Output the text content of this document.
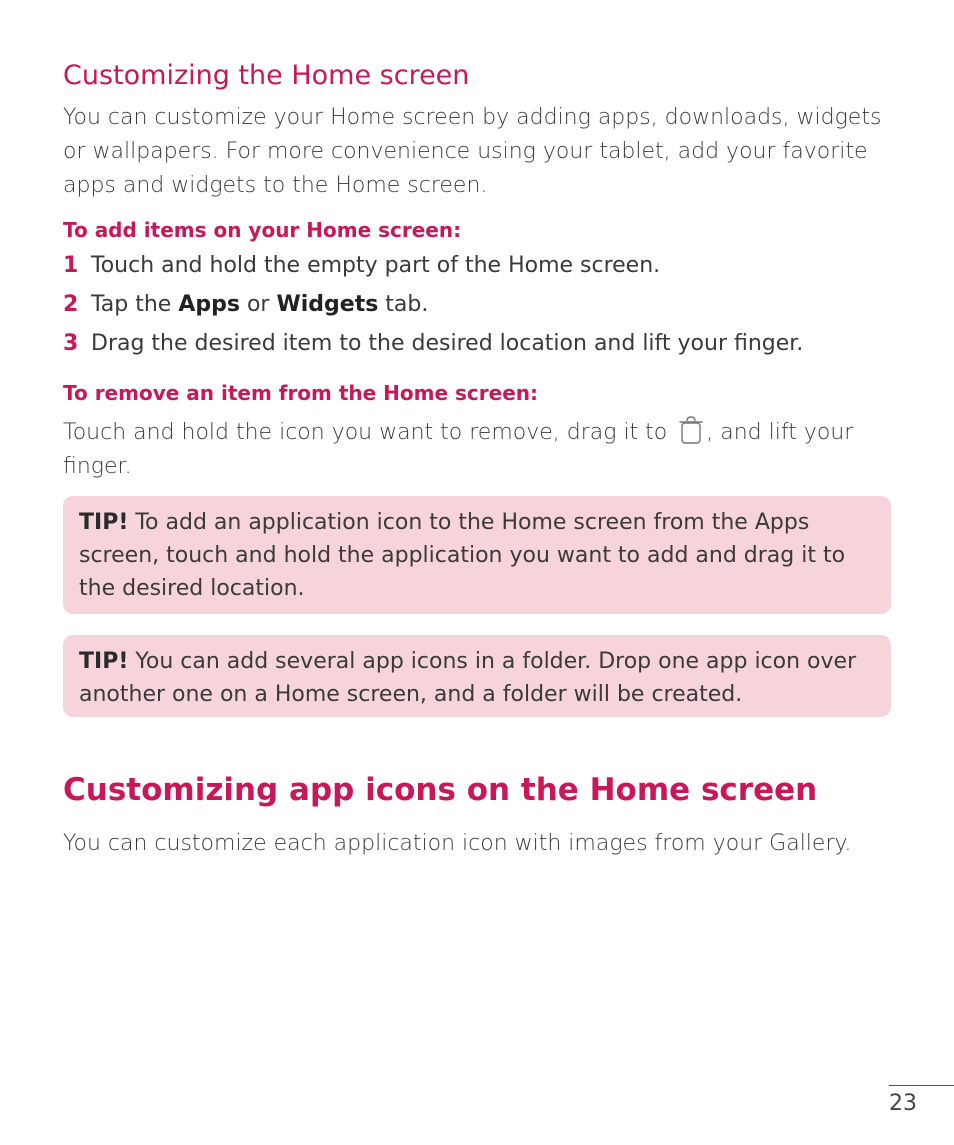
Customizing the Home screen

You can customize your Home screen by adding apps, downloads, widgets or wallpapers. For more convenience using your tablet, add your favorite apps and widgets to the Home screen.

To add items on your Home screen:
1 Touch and hold the empty part of the Home screen.
2 Tap the Apps or Widgets tab.
3 Drag the desired item to the desired location and lift your finger.
To remove an item from the Home screen:

Touch and hold the icon you want to remove, drag it to , and lift your finger.

TIP! To add an application icon to the Home screen from the Apps screen, touch and hold the application you want to add and drag it to the desired location.

TIP! You can add several app icons in a folder. Drop one app icon over another one on a Home screen, and a folder will be created.

Customizing app icons on the Home screen

You can customize each application icon with images from your Gallery.

23
